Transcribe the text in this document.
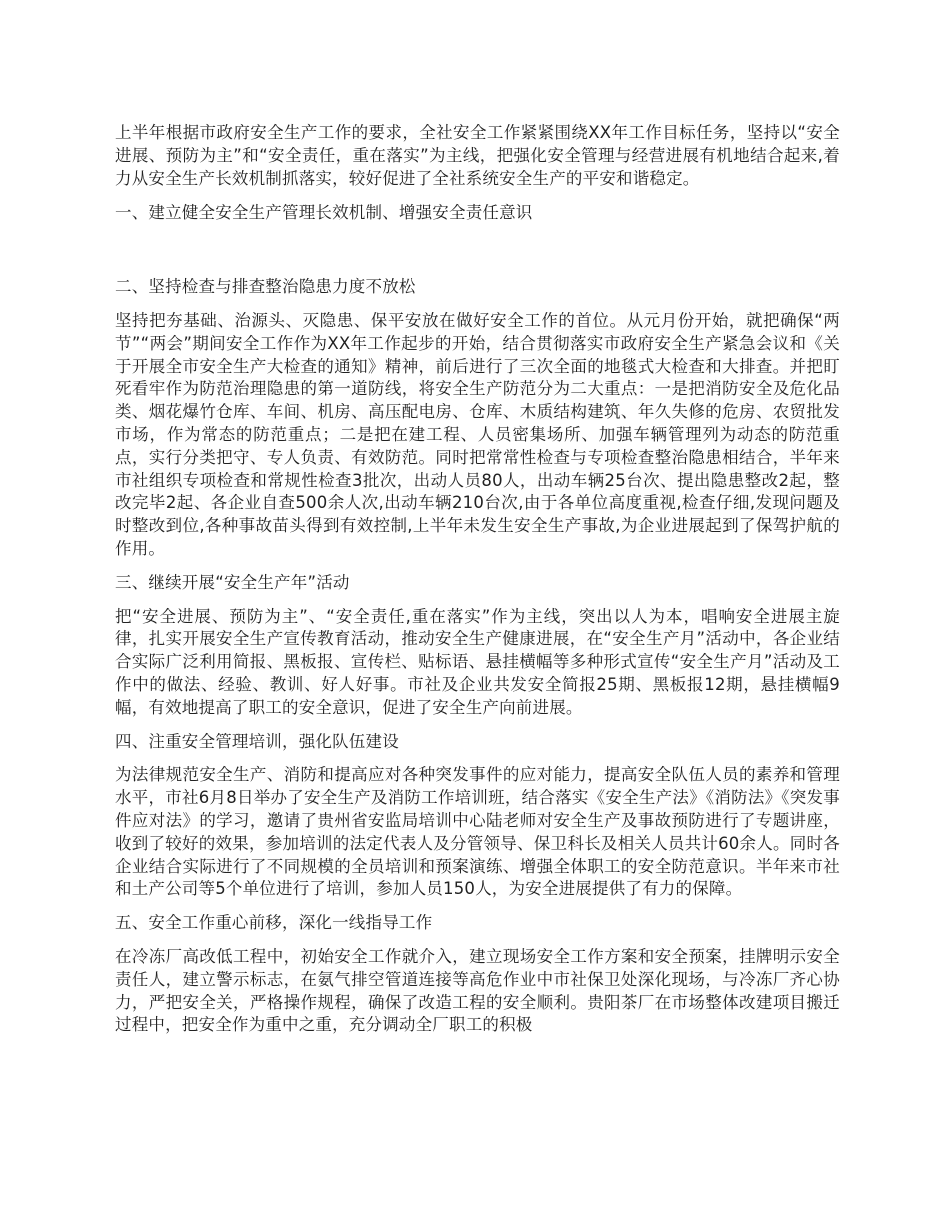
上半年根据市政府安全生产工作的要求，全社安全工作紧紧围绕XX年工作目标任务，坚持以“安全进展、预防为主”和“安全责任，重在落实”为主线，把强化安全管理与经营进展有机地结合起来,着力从安全生产长效机制抓落实，较好促进了全社系统安全生产的平安和谐稳定。

一、建立健全安全生产管理长效机制、增强安全责任意识

二、坚持检查与排查整治隐患力度不放松

坚持把夯基础、治源头、灭隐患、保平安放在做好安全工作的首位。从元月份开始，就把确保“两节”“两会”期间安全工作作为XX年工作起步的开始，结合贯彻落实市政府安全生产紧急会议和《关于开展全市安全生产大检查的通知》精神，前后进行了三次全面的地毯式大检查和大排查。并把盯死看牢作为防范治理隐患的第一道防线，将安全生产防范分为二大重点：一是把消防安全及危化品类、烟花爆竹仓库、车间、机房、高压配电房、仓库、木质结构建筑、年久失修的危房、农贸批发市场，作为常态的防范重点；二是把在建工程、人员密集场所、加强车辆管理列为动态的防范重点，实行分类把守、专人负责、有效防范。同时把常常性检查与专项检查整治隐患相结合，半年来市社组织专项检查和常规性检查3批次，出动人员80人，出动车辆25台次、提出隐患整改2起，整改完毕2起、各企业自查500余人次,出动车辆210台次,由于各单位高度重视,检查仔细,发现问题及时整改到位,各种事故苗头得到有效控制,上半年未发生安全生产事故,为企业进展起到了保驾护航的作用。

三、继续开展“安全生产年”活动

把“安全进展、预防为主”、“安全责任,重在落实”作为主线，突出以人为本，唱响安全进展主旋律，扎实开展安全生产宣传教育活动，推动安全生产健康进展，在“安全生产月”活动中，各企业结合实际广泛利用简报、黑板报、宣传栏、贴标语、悬挂横幅等多种形式宣传“安全生产月”活动及工作中的做法、经验、教训、好人好事。市社及企业共发安全简报25期、黑板报12期，悬挂横幅9幅，有效地提高了职工的安全意识，促进了安全生产向前进展。

四、注重安全管理培训，强化队伍建设

为法律规范安全生产、消防和提高应对各种突发事件的应对能力，提高安全队伍人员的素养和管理水平，市社6月8日举办了安全生产及消防工作培训班，结合落实《安全生产法》《消防法》《突发事件应对法》的学习，邀请了贵州省安监局培训中心陆老师对安全生产及事故预防进行了专题讲座，收到了较好的效果，参加培训的法定代表人及分管领导、保卫科长及相关人员共计60余人。同时各企业结合实际进行了不同规模的全员培训和预案演练、增强全体职工的安全防范意识。半年来市社和土产公司等5个单位进行了培训，参加人员150人，为安全进展提供了有力的保障。

五、安全工作重心前移，深化一线指导工作

在冷冻厂高改低工程中，初始安全工作就介入，建立现场安全工作方案和安全预案，挂牌明示安全责任人，建立警示标志，在氨气排空管道连接等高危作业中市社保卫处深化现场，与冷冻厂齐心协力，严把安全关，严格操作规程，确保了改造工程的安全顺利。贵阳茶厂在市场整体改建项目搬迁过程中，把安全作为重中之重，充分调动全厂职工的积极
